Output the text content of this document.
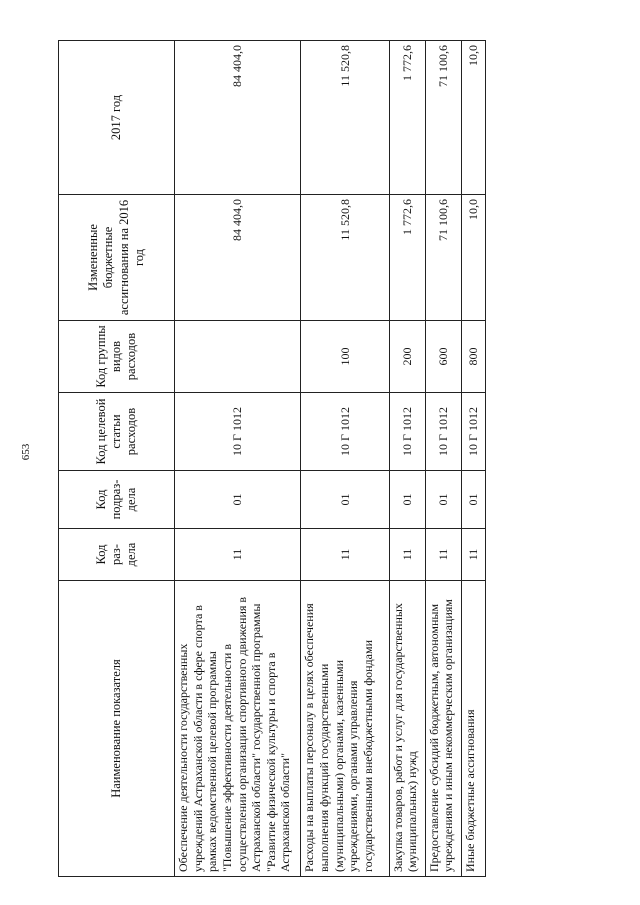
653
Наименование показателя	Код раз-дела	Код подраз-дела	Код целевой статьи расходов	Код группы видов расходов	Измененные бюджетные ассигнования на 2016 год	2017 год
Обеспечение деятельности государственных учреждений Астраханской области в сфере спорта в рамках ведомственной целевой программы "Повышение эффективности деятельности в осуществлении организации спортивного движения в Астраханской области" государственной программы "Развитие физической культуры и спорта в Астраханской области"	11	01	10 Г 1012		84 404,0	84 404,0
Расходы на выплаты персоналу в целях обеспечения выполнения функций государственными (муниципальными) органами, казенными учреждениями, органами управления государственными внебюджетными фондами	11	01	10 Г 1012	100	11 520,8	11 520,8
Закупка товаров, работ и услуг для государственных (муниципальных) нужд	11	01	10 Г 1012	200	1 772,6	1 772,6
Предоставление субсидий бюджетным, автономным учреждениям и иным некоммерческим организациям	11	01	10 Г 1012	600	71 100,6	71 100,6
Иные бюджетные ассигнования	11	01	10 Г 1012	800	10,0	10,0
